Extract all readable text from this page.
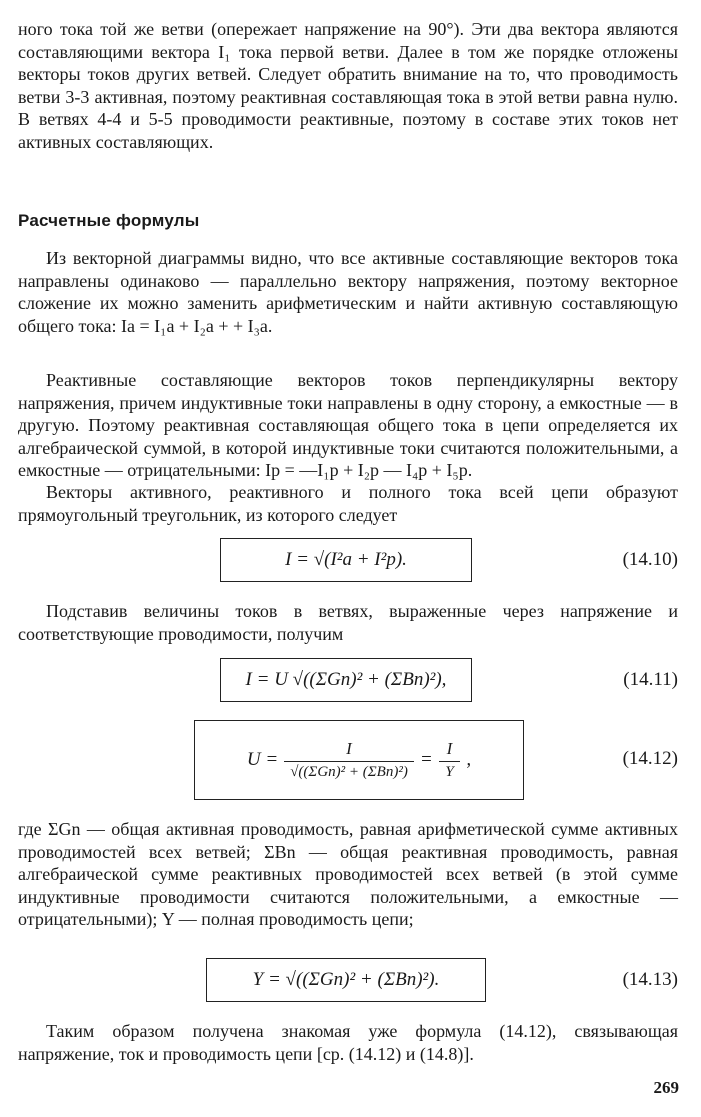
ного тока той же ветви (опережает напряжение на 90°). Эти два вектора являются составляющими вектора I₁ тока первой ветви. Далее в том же порядке отложены векторы токов других ветвей. Следует обратить внимание на то, что проводимость ветви 3-3 активная, поэтому реактивная составляющая тока в этой ветви равна нулю. В ветвях 4-4 и 5-5 проводимости реактивные, поэтому в составе этих токов нет активных составляющих.

Расчетные формулы

Из векторной диаграммы видно, что все активные составляющие векторов тока направлены одинаково — параллельно вектору напряжения, поэтому векторное сложение их можно заменить арифметическим и найти активную составляющую общего тока: Iа = I₁а + I₂а + + I₃а.

Реактивные составляющие векторов токов перпендикулярны вектору напряжения, причем индуктивные токи направлены в одну сторону, а емкостные — в другую. Поэтому реактивная составляющая общего тока в цепи определяется их алгебраической суммой, в которой индуктивные токи считаются положительными, а емкостные — отрицательными: Iр = —I₁р + I₂р — I₄р + I₅р.

Векторы активного, реактивного и полного тока всей цепи образуют прямоугольный треугольник, из которого следует

I = √(I²а + I²р).	(14.10)

Подставив величины токов в ветвях, выраженные через напряжение и соответствующие проводимости, получим

I = U √((ΣGn)² + (ΣBn)²),	(14.11)
$U = \frac{I}{\text{√((ΣGn)² + (ΣBn)²)}} = \frac{I}{Y}$ ,	(14.12)

где ΣGn — общая активная проводимость, равная арифметической сумме активных проводимостей всех ветвей; ΣBn — общая реактивная проводимость, равная алгебраической сумме реактивных проводимостей всех ветвей (в этой сумме индуктивные проводимости считаются положительными, а емкостные — отрицательными); Y — полная проводимость цепи;

Y = √((ΣGn)² + (ΣBn)²).	(14.13)

Таким образом получена знакомая уже формула (14.12), связывающая напряжение, ток и проводимость цепи [ср. (14.12) и (14.8)].

269
